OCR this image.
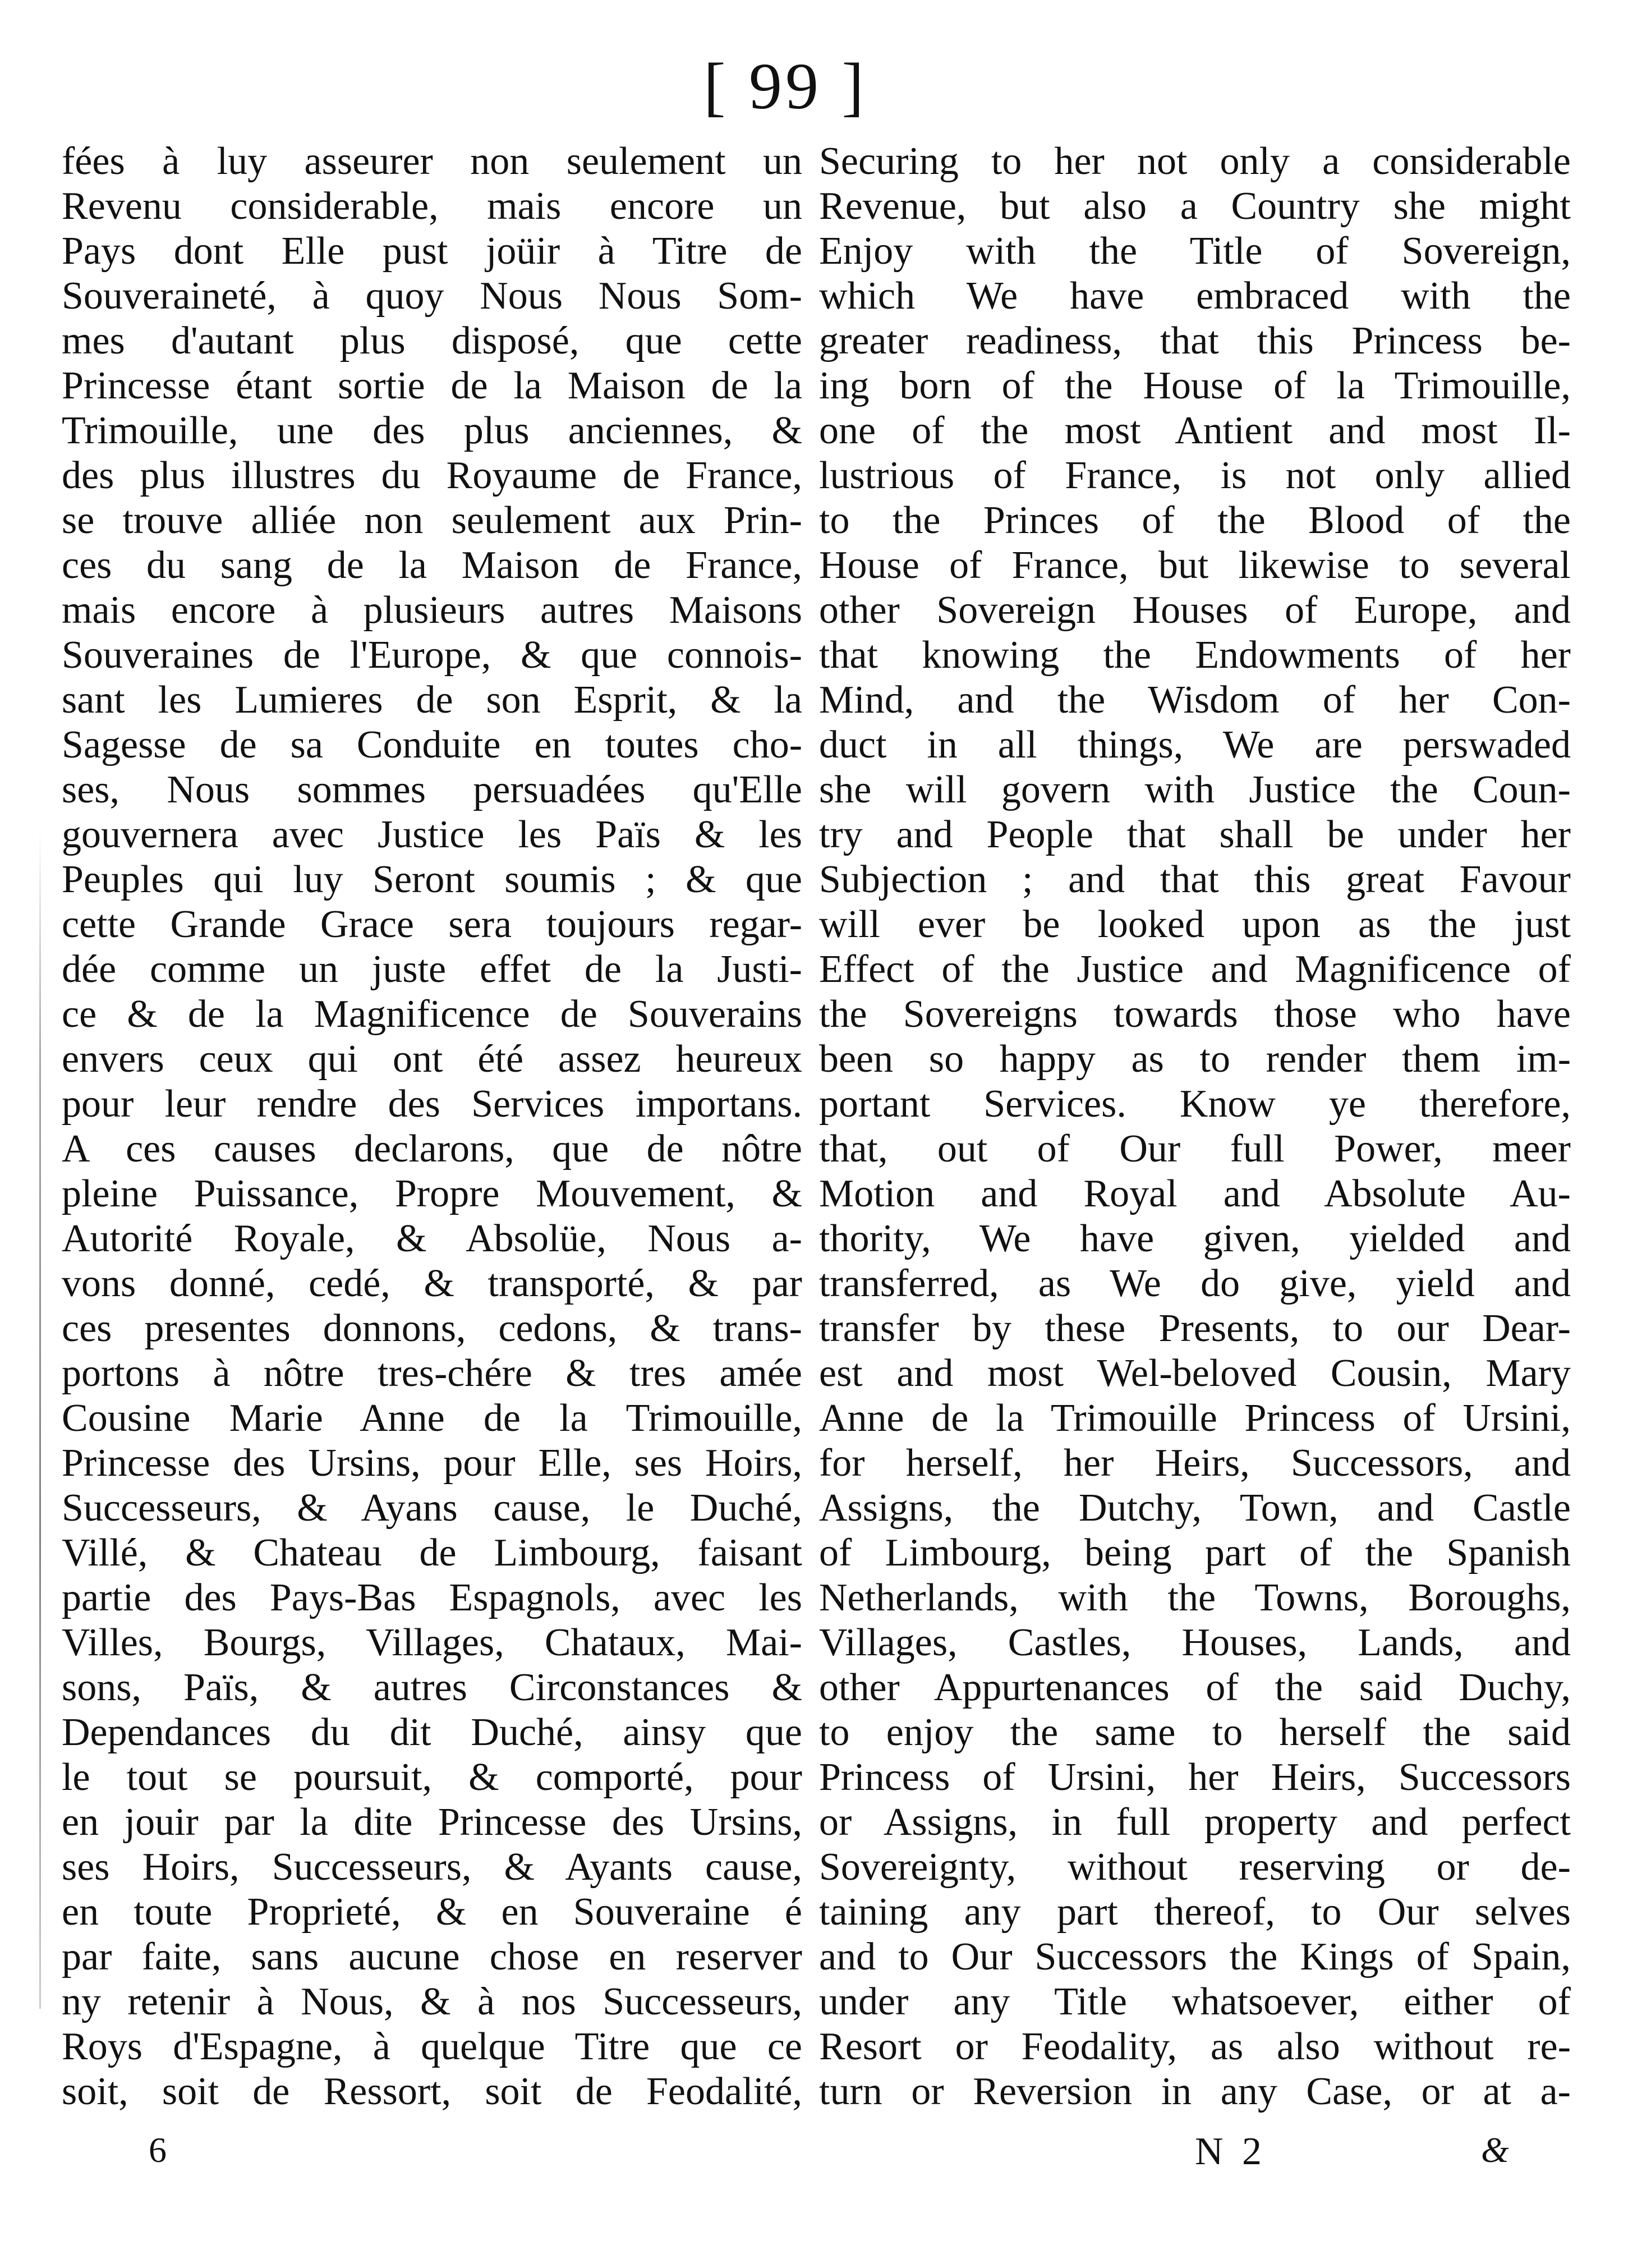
[ 99 ]
fées à luy asseurer non seulement un
Revenu considerable, mais encore un
Pays dont Elle pust joüir à Titre de
Souveraineté, à quoy Nous Nous Som-
mes d'autant plus disposé, que cette
Princesse étant sortie de la Maison de la
Trimouille, une des plus anciennes, &
des plus illustres du Royaume de France,
se trouve alliée non seulement aux Prin-
ces du sang de la Maison de France,
mais encore à plusieurs autres Maisons
Souveraines de l'Europe, & que connois-
sant les Lumieres de son Esprit, & la
Sagesse de sa Conduite en toutes cho-
ses, Nous sommes persuadées qu'Elle
gouvernera avec Justice les Païs & les
Peuples qui luy Seront soumis ; & que
cette Grande Grace sera toujours regar-
dée comme un juste effet de la Justi-
ce & de la Magnificence de Souverains
envers ceux qui ont été assez heureux
pour leur rendre des Services importans.
A ces causes declarons, que de nôtre
pleine Puissance, Propre Mouvement, &
Autorité Royale, & Absolüe, Nous a-
vons donné, cedé, & transporté, & par
ces presentes donnons, cedons, & trans-
portons à nôtre tres-chére & tres amée
Cousine Marie Anne de la Trimouille,
Princesse des Ursins, pour Elle, ses Hoirs,
Successeurs, & Ayans cause, le Duché,
Villé, & Chateau de Limbourg, faisant
partie des Pays-Bas Espagnols, avec les
Villes, Bourgs, Villages, Chataux, Mai-
sons, Païs, & autres Circonstances &
Dependances du dit Duché, ainsy que
le tout se poursuit, & comporté, pour
en jouir par la dite Princesse des Ursins,
ses Hoirs, Successeurs, & Ayants cause,
en toute Proprieté, & en Souveraine é
par faite, sans aucune chose en reserver
ny retenir à Nous, & à nos Successeurs,
Roys d'Espagne, à quelque Titre que ce
soit, soit de Ressort, soit de Feodalité,
Securing to her not only a considerable
Revenue, but also a Country she might
Enjoy with the Title of Sovereign,
which We have embraced with the
greater readiness, that this Princess be-
ing born of the House of la Trimouille,
one of the most Antient and most Il-
lustrious of France, is not only allied
to the Princes of the Blood of the
House of France, but likewise to several
other Sovereign Houses of Europe, and
that knowing the Endowments of her
Mind, and the Wisdom of her Con-
duct in all things, We are perswaded
she will govern with Justice the Coun-
try and People that shall be under her
Subjection ; and that this great Favour
will ever be looked upon as the just
Effect of the Justice and Magnificence of
the Sovereigns towards those who have
been so happy as to render them im-
portant Services. Know ye therefore,
that, out of Our full Power, meer
Motion and Royal and Absolute Au-
thority, We have given, yielded and
transferred, as We do give, yield and
transfer by these Presents, to our Dear-
est and most Wel-beloved Cousin, Mary
Anne de la Trimouille Princess of Ursini,
for herself, her Heirs, Successors, and
Assigns, the Dutchy, Town, and Castle
of Limbourg, being part of the Spanish
Netherlands, with the Towns, Boroughs,
Villages, Castles, Houses, Lands, and
other Appurtenances of the said Duchy,
to enjoy the same to herself the said
Princess of Ursini, her Heirs, Successors
or Assigns, in full property and perfect
Sovereignty, without reserving or de-
taining any part thereof, to Our selves
and to Our Successors the Kings of Spain,
under any Title whatsoever, either of
Resort or Feodality, as also without re-
turn or Reversion in any Case, or at a-
6	N 2	&
